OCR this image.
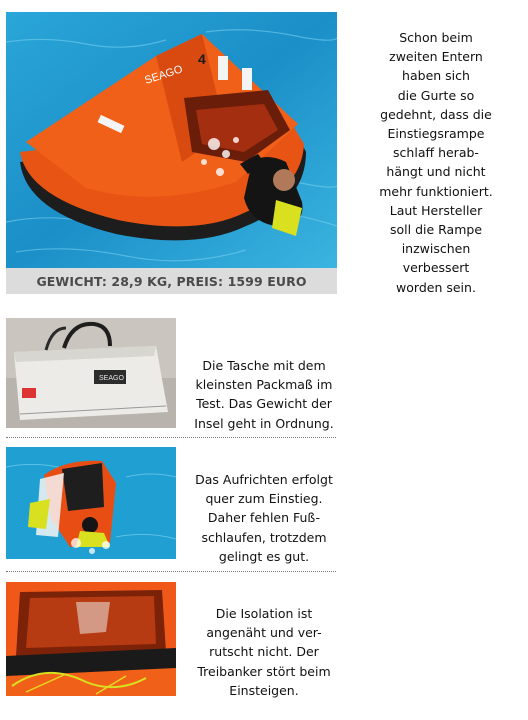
SEAGO
4
GEWICHT: 28,9 KG, PREIS: 1599 EURO
Schon beim
zweiten Entern
haben sich
die Gurte so
gedehnt, dass die
Einstiegsrampe
schlaff herab-
hängt und nicht
mehr funktioniert.
Laut Hersteller
soll die Rampe
inzwischen
verbessert
worden sein.
SEAGO
Die Tasche mit dem
kleinsten Packmaß im
Test. Das Gewicht der
Insel geht in Ordnung.
Das Aufrichten erfolgt
quer zum Einstieg.
Daher fehlen Fuß-
schlaufen, trotzdem
gelingt es gut.
Die Isolation ist
angenäht und ver-
rutscht nicht. Der
Treibanker stört beim
Einsteigen.
